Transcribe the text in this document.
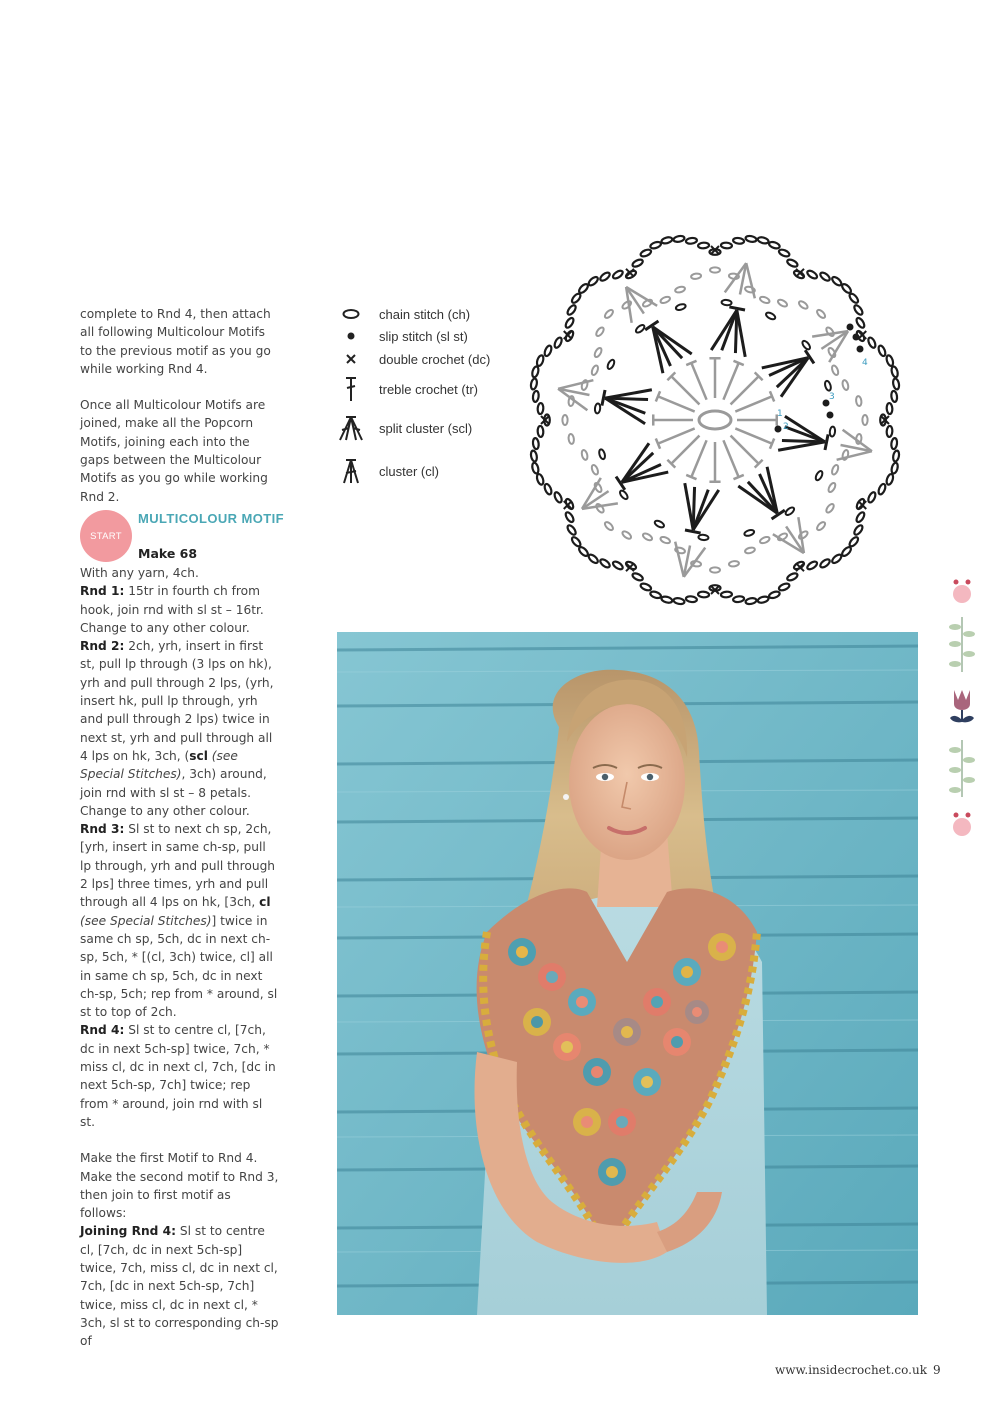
complete to Rnd 4, then attach all following Multicolour Motifs to the previous motif as you go while working Rnd 4.

Once all Multicolour Motifs are joined, make all the Popcorn Motifs, joining each into the gaps between the Multicolour Motifs as you go while working Rnd 2.

START
MULTICOLOUR MOTIF
Make 68

With any yarn, 4ch.

Rnd 1: 15tr in fourth ch from hook, join rnd with sl st – 16tr.

Change to any other colour.

Rnd 2: 2ch, yrh, insert in first st, pull lp through (3 lps on hk), yrh and pull through 2 lps, (yrh, insert hk, pull lp through, yrh and pull through 2 lps) twice in next st, yrh and pull through all 4 lps on hk, 3ch, (scl (see Special Stitches), 3ch) around, join rnd with sl st – 8 petals.

Change to any other colour.

Rnd 3: Sl st to next ch sp, 2ch, [yrh, insert in same ch-sp, pull lp through, yrh and pull through 2 lps] three times, yrh and pull through all 4 lps on hk, [3ch, cl (see Special Stitches)] twice in same ch sp, 5ch, dc in next ch-sp, 5ch, * [(cl, 3ch) twice, cl] all in same ch sp, 5ch, dc in next ch-sp, 5ch; rep from * around, sl st to top of 2ch.

Rnd 4: Sl st to centre cl, [7ch, dc in next 5ch-sp] twice, 7ch, * miss cl, dc in next cl, 7ch, [dc in next 5ch-sp, 7ch] twice; rep from * around, join rnd with sl st.

Make the first Motif to Rnd 4. Make the second motif to Rnd 3, then join to first motif as follows:

Joining Rnd 4: Sl st to centre cl, [7ch, dc in next 5ch-sp] twice, 7ch, miss cl, dc in next cl, 7ch, [dc in next 5ch-sp, 7ch] twice, miss cl, dc in next cl, * 3ch, sl st to corresponding ch-sp of

chain stitch (ch)
slip stitch (sl st)
double crochet (dc)
treble crochet (tr)
split cluster (scl)
cluster (cl)
1
2
3
4
www.insidecrochet.co.uk 9
